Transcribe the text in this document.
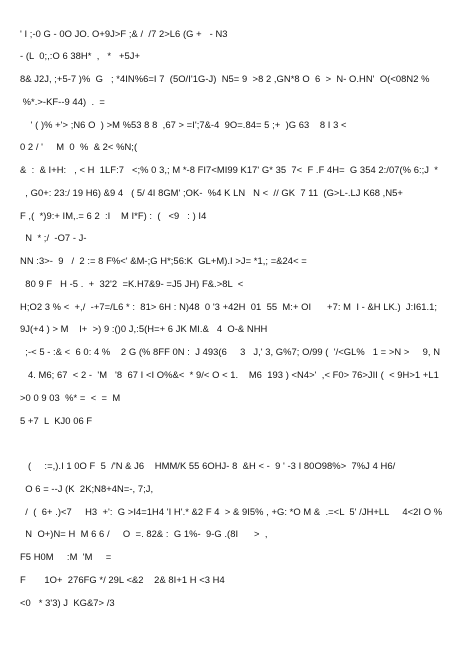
' I ;-0 G - 0O JO. O+9J>F ;& /  /7 2>L6 (G +   - N3
- (L  0;,:O 6 38H*  ,   *   +5J+
8& J2J, ;+5-7 )%  G   ; *4IN%6=I 7  (5O/I'1G-J)  N5= 9  >8 2 ,GN*8 O  6  >  N- O.HN'  O(<08N2 %
%*.>-KF--9 44)  .  =
' ( )% +'> ;N6 O  ) >M %53 8 8  ,67 > =I';7&-4  9O=.84= 5 ;+  )G 63    8 I 3 <
0 2 / '     M  0  %  & 2< %N;(
&  :  & I+H:   , < H  1LF:7   <;% 0 3,; M *-8 FI7<MI99 K17' G* 35  7<  F .F 4H=  G 354 2:/07(% 6:;J  *
, G0+: 23:/ 19 H6) &9 4   ( 5/ 4I 8GM' ;OK-  %4 K LN   N <  // GK  7 11  (G>L-.LJ K68 ,N5+
F ,(  *)9:+ IM,.= 6 2  :I    M I*F) :  (   <9   : ) I4
N  * ;/  -O7 - J-
NN :3>-  9   /  2 := 8 F%<' &M-;G H*;56:K  GL+M).I >J= *1,; =&24< =
80 9 F   H -5 .  +  32'2  =K.H7&9- =J5 JH) F&.>8L  <
H;O2 3 % <  +,/  -+7=/L6 * :  81> 6H : N)48  0 '3 +42H  01  55  M:+ OI      +7: M  I - &H LK.)  J:I61.1;
9J(+4 ) > M    I+  >) 9 :()0 J,:5(H=+ 6 JK MI.&   4  O-& NHH
;-< 5 - :& <  6 0: 4 %    2 G (% 8FF 0N :  J 493(6     3   J,' 3, G%7; O/99 (  '/<GL%   1 = >N >     9, N
4. M6; 67  < 2 -  'M   '8  67 I <I O%&<  * 9/< O < 1.    M6  193 ) <N4>'  ,< F0> 76>JII (  < 9H>1 +L1
>0 0 9 03  %* =  <  =  M
5 +7  L  KJ0 06 F
(     :=,).I 1 0O F  5  /'N & J6    HMM/K 55 6OHJ- 8  &H < -  9 ' -3 I 80O98%>  7%J 4 H6/
O 6 = --J (K  2K;N8+4N=-, 7;J,
/  (  6+ .)<7     H3  +':  G >I4=1H4 'I H'.* &2 F 4  > & 9I5% , +G: *O M &  .=<L  5' /JH+LL     4<2I O %
N  O+)N= H  M 6 6 /     O  =. 82& :  G 1%-  9-G .(8I      >  ,
F5 H0M     :M  'M     =
F       1O+  276FG */ 29L <&2    2& 8I+1 H <3 H4
<0   * 3'3) J  KG&7> /3
